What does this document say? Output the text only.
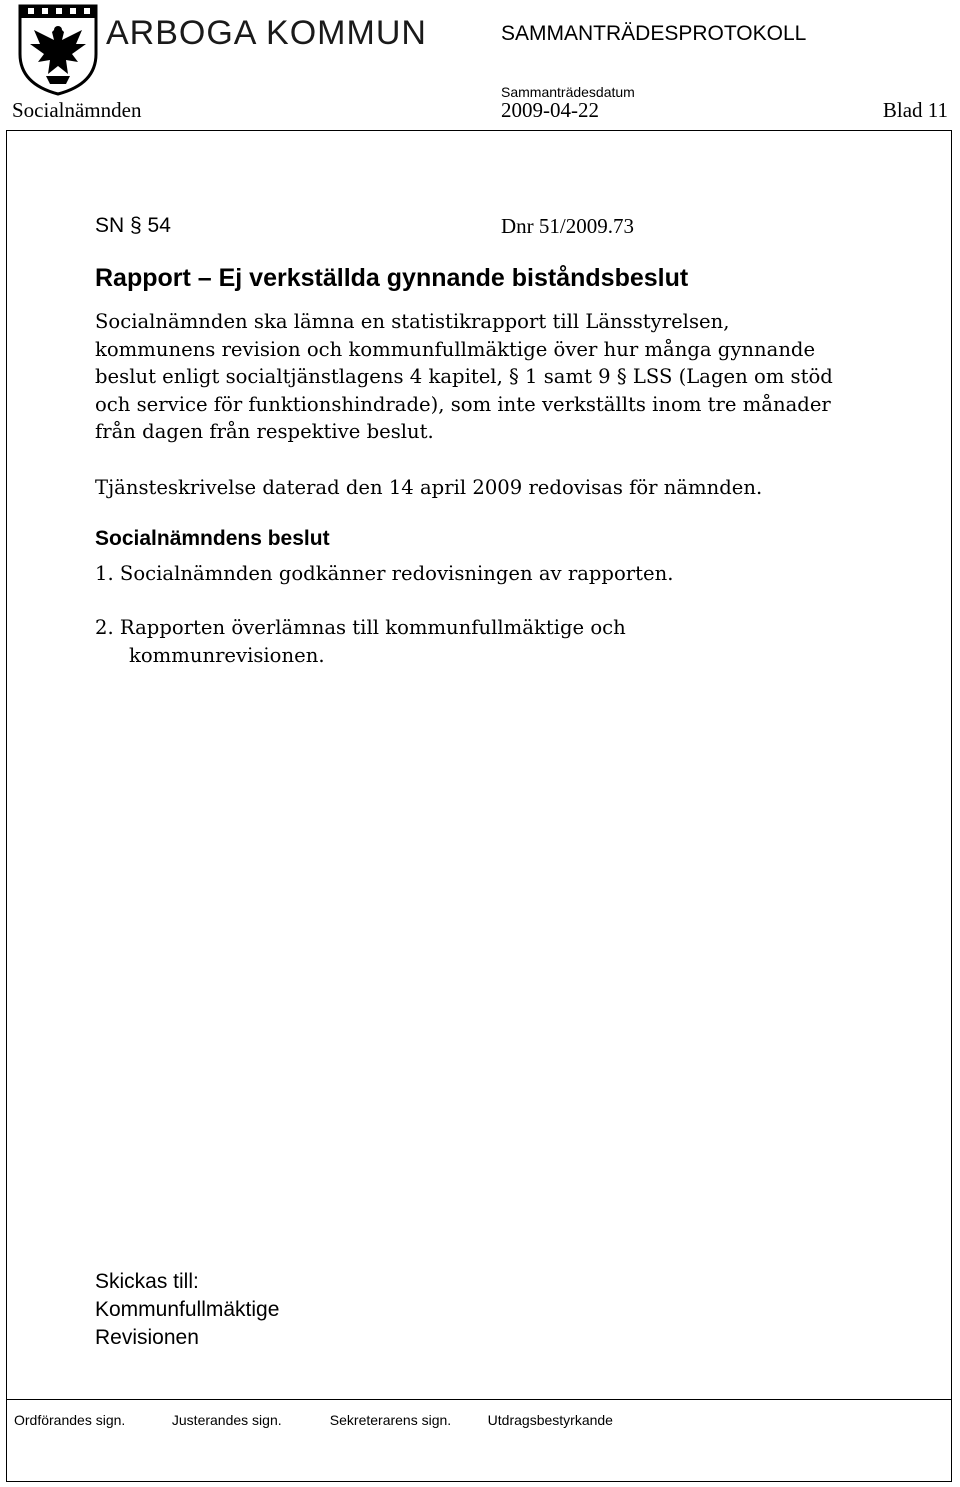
ARBOGA KOMMUN	SAMMANTRÄDESPROTOKOLL
Sammanträdesdatum
Socialnämnden	2009-04-22	Blad 11
SN § 54	Dnr 51/2009.73
Rapport – Ej verkställda gynnande biståndsbeslut
Socialnämnden ska lämna en statistikrapport till Länsstyrelsen,
kommunens revision och kommunfullmäktige över hur många gynnande
beslut enligt socialtjänstlagens 4 kapitel, § 1 samt 9 § LSS (Lagen om stöd
och service för funktionshindrade), som inte verkställts inom tre månader
från dagen från respektive beslut.
Tjänsteskrivelse daterad den 14 april 2009 redovisas för nämnden.
Socialnämndens beslut
1. Socialnämnden godkänner redovisningen av rapporten.
2. Rapporten överlämnas till kommunfullmäktige och
kommunrevisionen.
Skickas till:
Kommunfullmäktige
Revisionen
Ordförandes sign.	Justerandes sign.	Sekreterarens sign.	Utdragsbestyrkande
